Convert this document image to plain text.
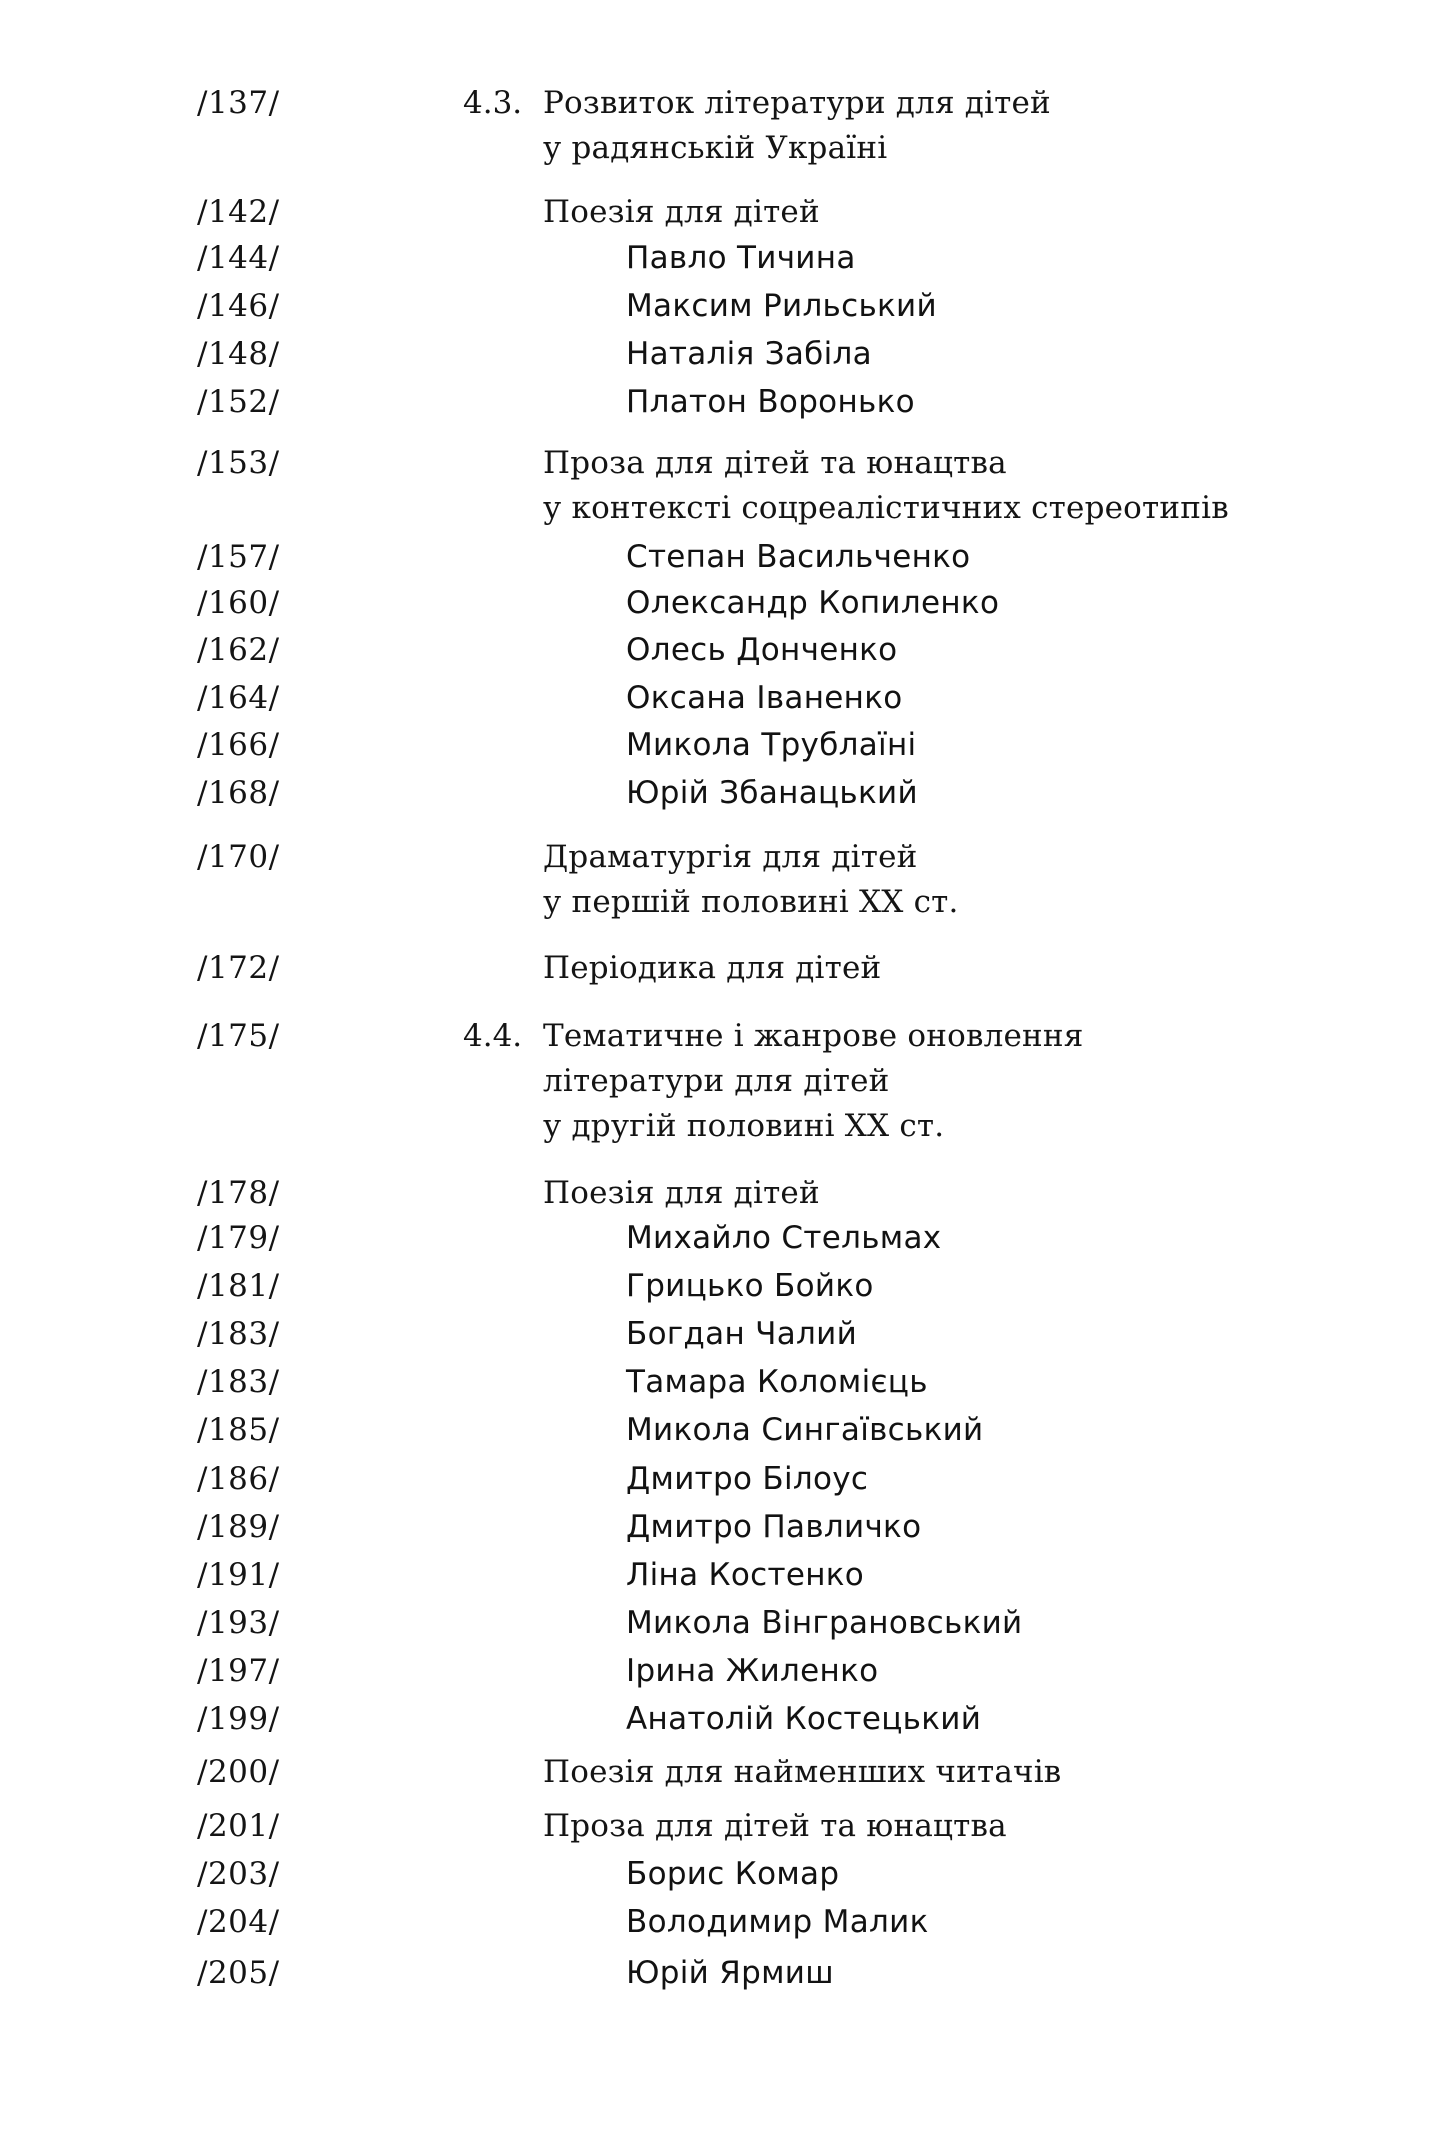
/137/	4.3. Розвиток літератури для дітей
у радянській Україні
/142/	Поезія для дітей
/144/	Павло Тичина
/146/	Максим Рильський
/148/	Наталія Забіла
/152/	Платон Воронько
/153/	Проза для дітей та юнацтва
у контексті соцреалістичних стереотипів
/157/	Степан Васильченко
/160/	Олександр Копиленко
/162/	Олесь Донченко
/164/	Оксана Іваненко
/166/	Микола Трублаїні
/168/	Юрій Збанацький
/170/	Драматургія для дітей
у першій половині XX ст.
/172/	Періодика для дітей
/175/	4.4. Тематичне і жанрове оновлення
літератури для дітей
у другій половині XX ст.
/178/	Поезія для дітей
/179/	Михайло Стельмах
/181/	Грицько Бойко
/183/	Богдан Чалий
/183/	Тамара Коломієць
/185/	Микола Сингаївський
/186/	Дмитро Білоус
/189/	Дмитро Павличко
/191/	Ліна Костенко
/193/	Микола Вінграновський
/197/	Ірина Жиленко
/199/	Анатолій Костецький
/200/	Поезія для найменших читачів
/201/	Проза для дітей та юнацтва
/203/	Борис Комар
/204/	Володимир Малик
/205/	Юрій Ярмиш
